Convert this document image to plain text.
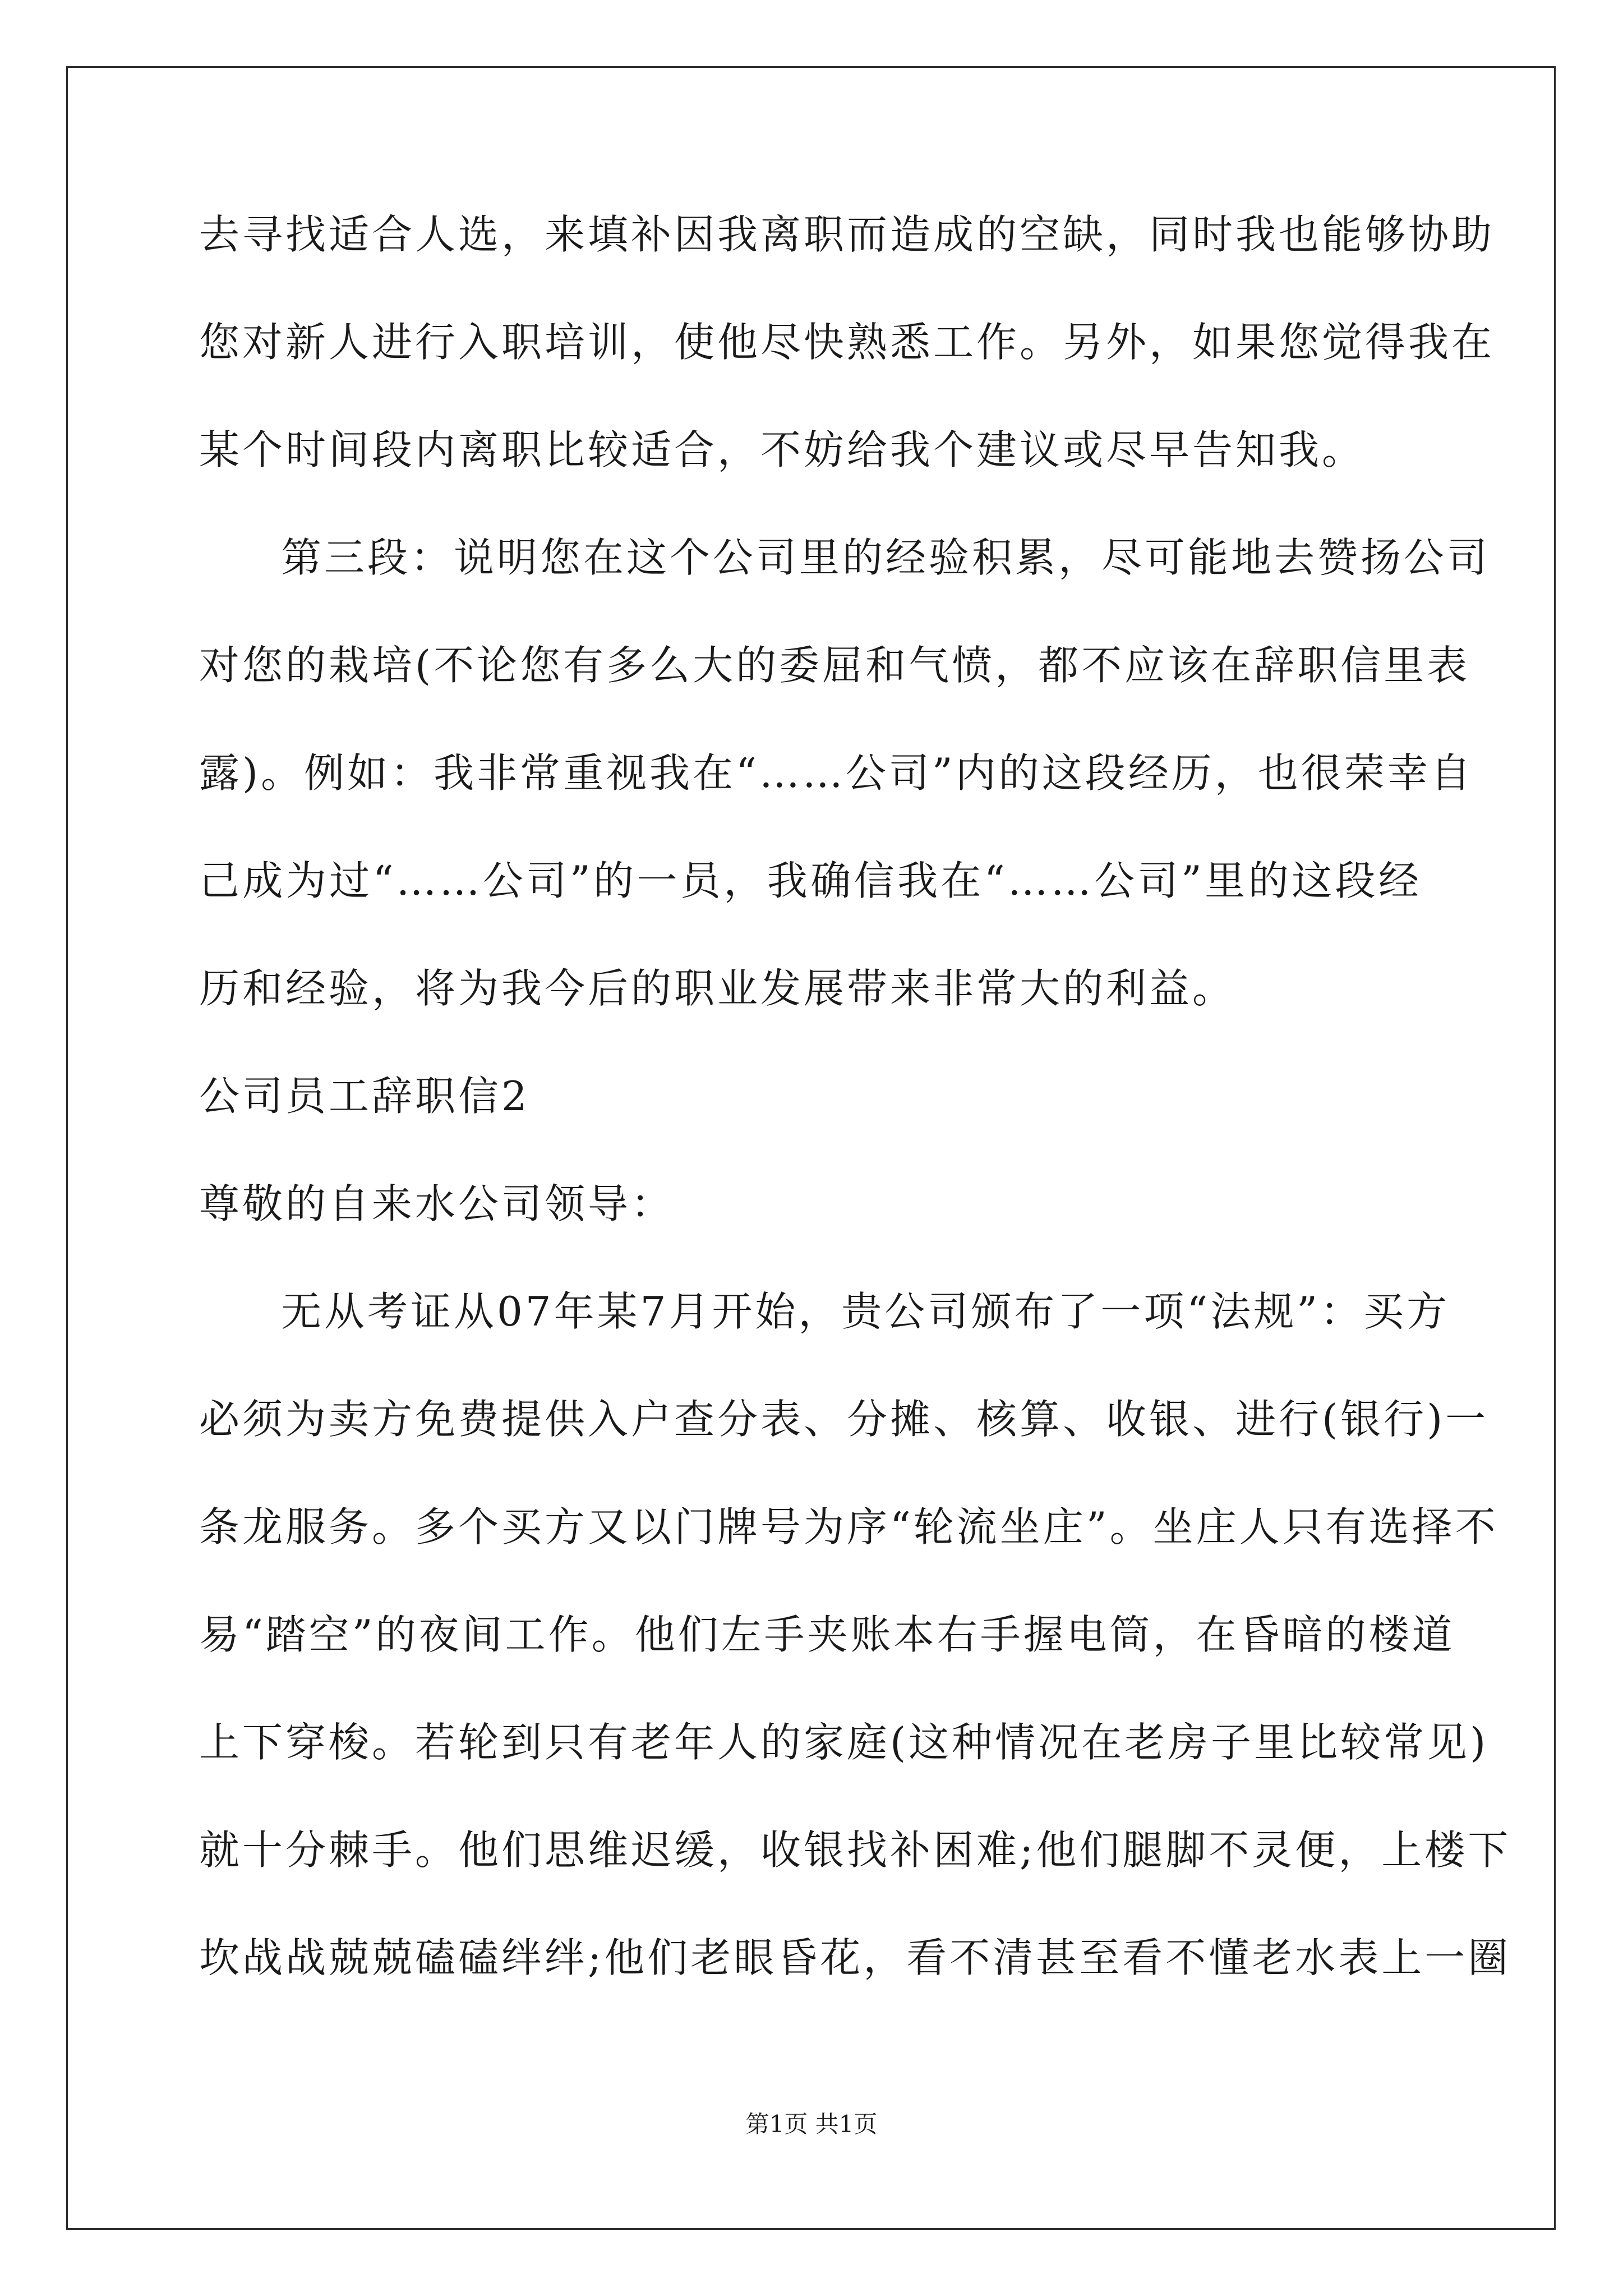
去寻找适合人选，来填补因我离职而造成的空缺，同时我也能够协助
您对新人进行入职培训，使他尽快熟悉工作。另外，如果您觉得我在
某个时间段内离职比较适合，不妨给我个建议或尽早告知我。
第三段：说明您在这个公司里的经验积累，尽可能地去赞扬公司
对您的栽培(不论您有多么大的委屈和气愤，都不应该在辞职信里表
露)。例如：我非常重视我在“……公司”内的这段经历，也很荣幸自
己成为过“……公司”的一员，我确信我在“……公司”里的这段经
历和经验，将为我今后的职业发展带来非常大的利益。
公司员工辞职信2
尊敬的自来水公司领导：
无从考证从07年某7月开始，贵公司颁布了一项“法规”：买方
必须为卖方免费提供入户查分表、分摊、核算、收银、进行(银行)一
条龙服务。多个买方又以门牌号为序“轮流坐庄”。坐庄人只有选择不
易“踏空”的夜间工作。他们左手夹账本右手握电筒，在昏暗的楼道
上下穿梭。若轮到只有老年人的家庭(这种情况在老房子里比较常见)
就十分棘手。他们思维迟缓，收银找补困难;他们腿脚不灵便，上楼下
坎战战兢兢磕磕绊绊;他们老眼昏花，看不清甚至看不懂老水表上一圈
第1页 共1页
